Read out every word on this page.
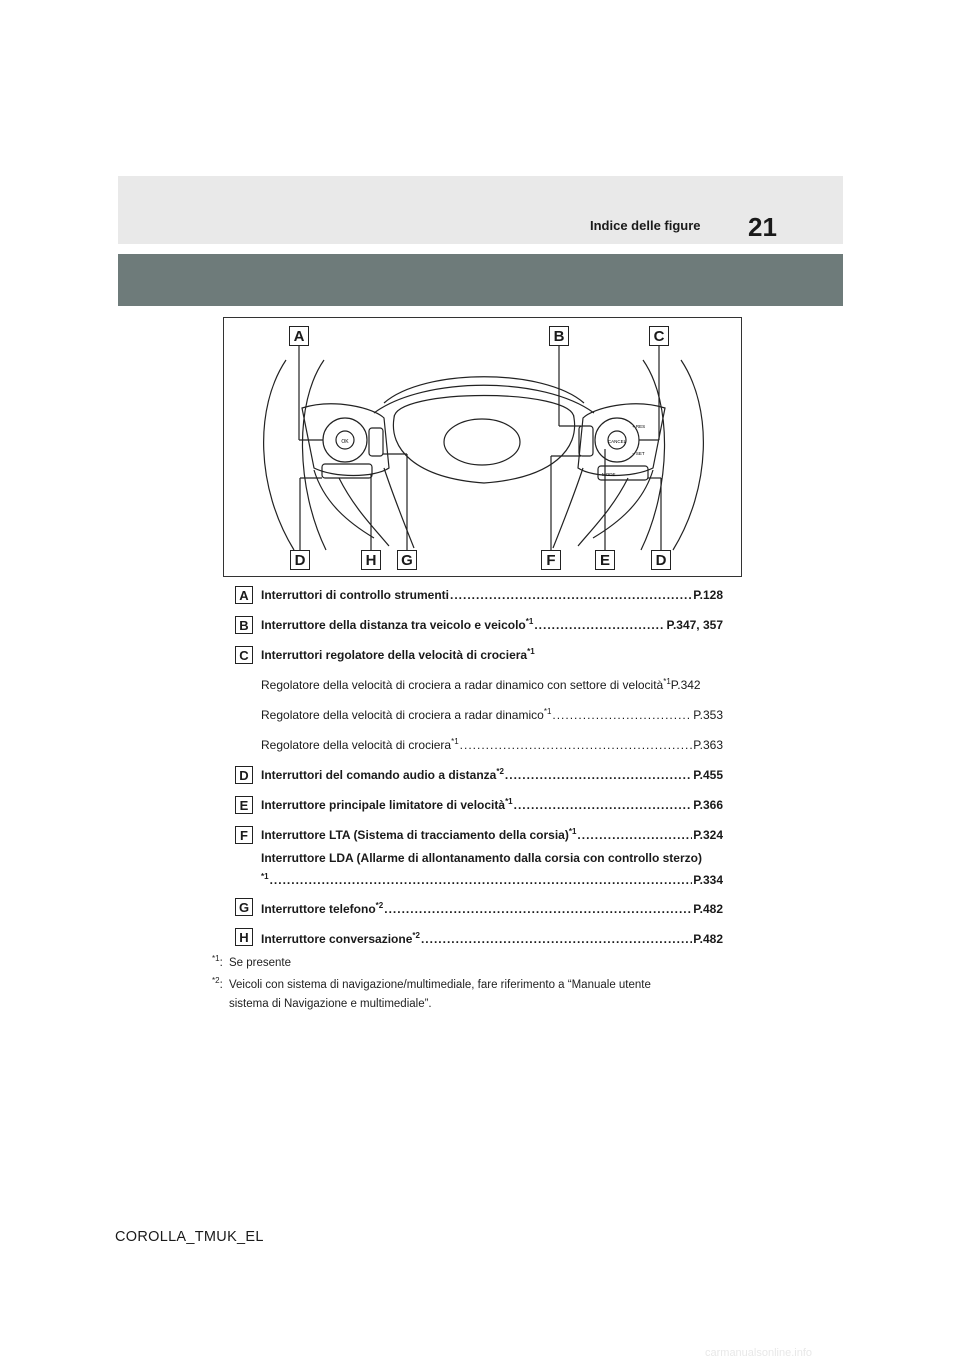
Indice delle figure 21
OK	CANCEL
+ RES
− SET
MODE
A	B	C
D	H	G	F	E	D
A	Interruttori di controllo strumenti .....	P.128
B	Interruttore della distanza tra veicolo e veicolo$^{*1}$ .....	P.347, 357
C	Interruttori regolatore della velocità di crociera$^{*1}$
Regolatore della velocità di crociera a radar dinamico con settore di velocità$^{*1}$ P.342
Regolatore della velocità di crociera a radar dinamico$^{*1}$ .....	P.353
Regolatore della velocità di crociera$^{*1}$ .....	P.363
D	Interruttori del comando audio a distanza$^{*2}$ .....	P.455
E	Interruttore principale limitatore di velocità$^{*1}$ .....	P.366
F	Interruttore LTA (Sistema di tracciamento della corsia)$^{*1}$ .....	P.324
Interruttore LDA (Allarme di allontanamento dalla corsia con controllo sterzo)
$^{*1}$ .....	P.334
G Interruttore telefono$^{*2}$ .....	P.482
H	Interruttore conversazione$^{*2}$ .....	P.482
$^{*1}$: Se presente
$^{*2}$: Veicoli con sistema di navigazione/multimediale, fare riferimento a “Manuale utente
sistema di Navigazione e multimediale”.
COROLLA_TMUK_EL
carmanualsonline.info
